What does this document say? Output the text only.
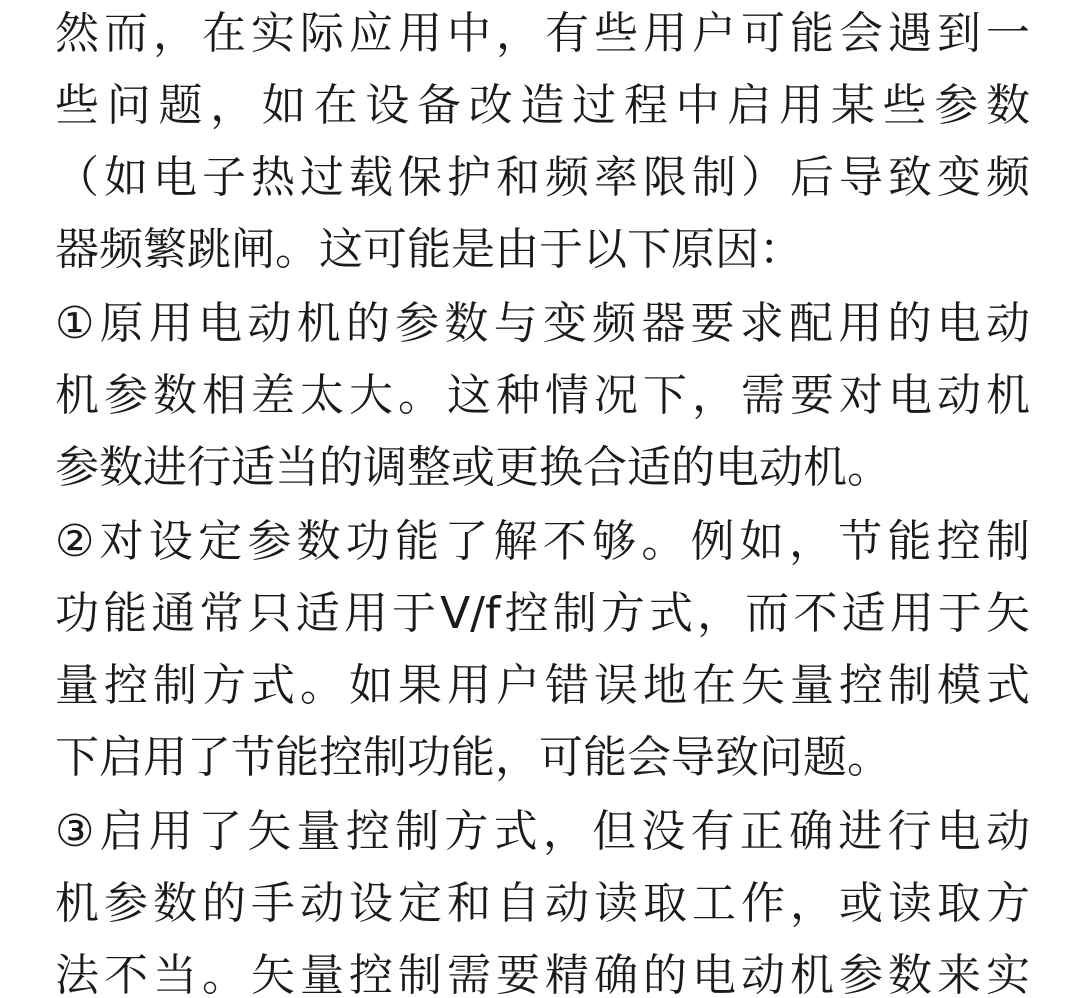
然而，在实际应用中，有些用户可能会遇到一
些问题，如在设备改造过程中启用某些参数
（如电子热过载保护和频率限制）后导致变频
器频繁跳闸。这可能是由于以下原因：
①原用电动机的参数与变频器要求配用的电动
机参数相差太大。这种情况下，需要对电动机
参数进行适当的调整或更换合适的电动机。
②对设定参数功能了解不够。例如，节能控制
功能通常只适用于V/f控制方式，而不适用于矢
量控制方式。如果用户错误地在矢量控制模式
下启用了节能控制功能，可能会导致问题。
③启用了矢量控制方式，但没有正确进行电动
机参数的手动设定和自动读取工作，或读取方
法不当。矢量控制需要精确的电动机参数来实
